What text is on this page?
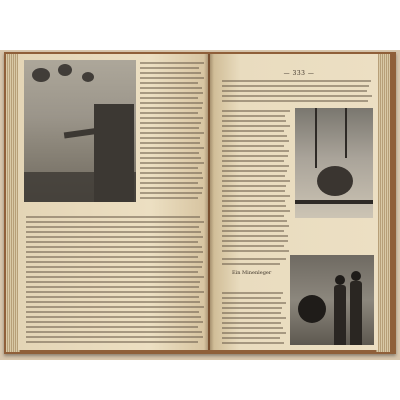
— 333 —
Ein Minenleger
